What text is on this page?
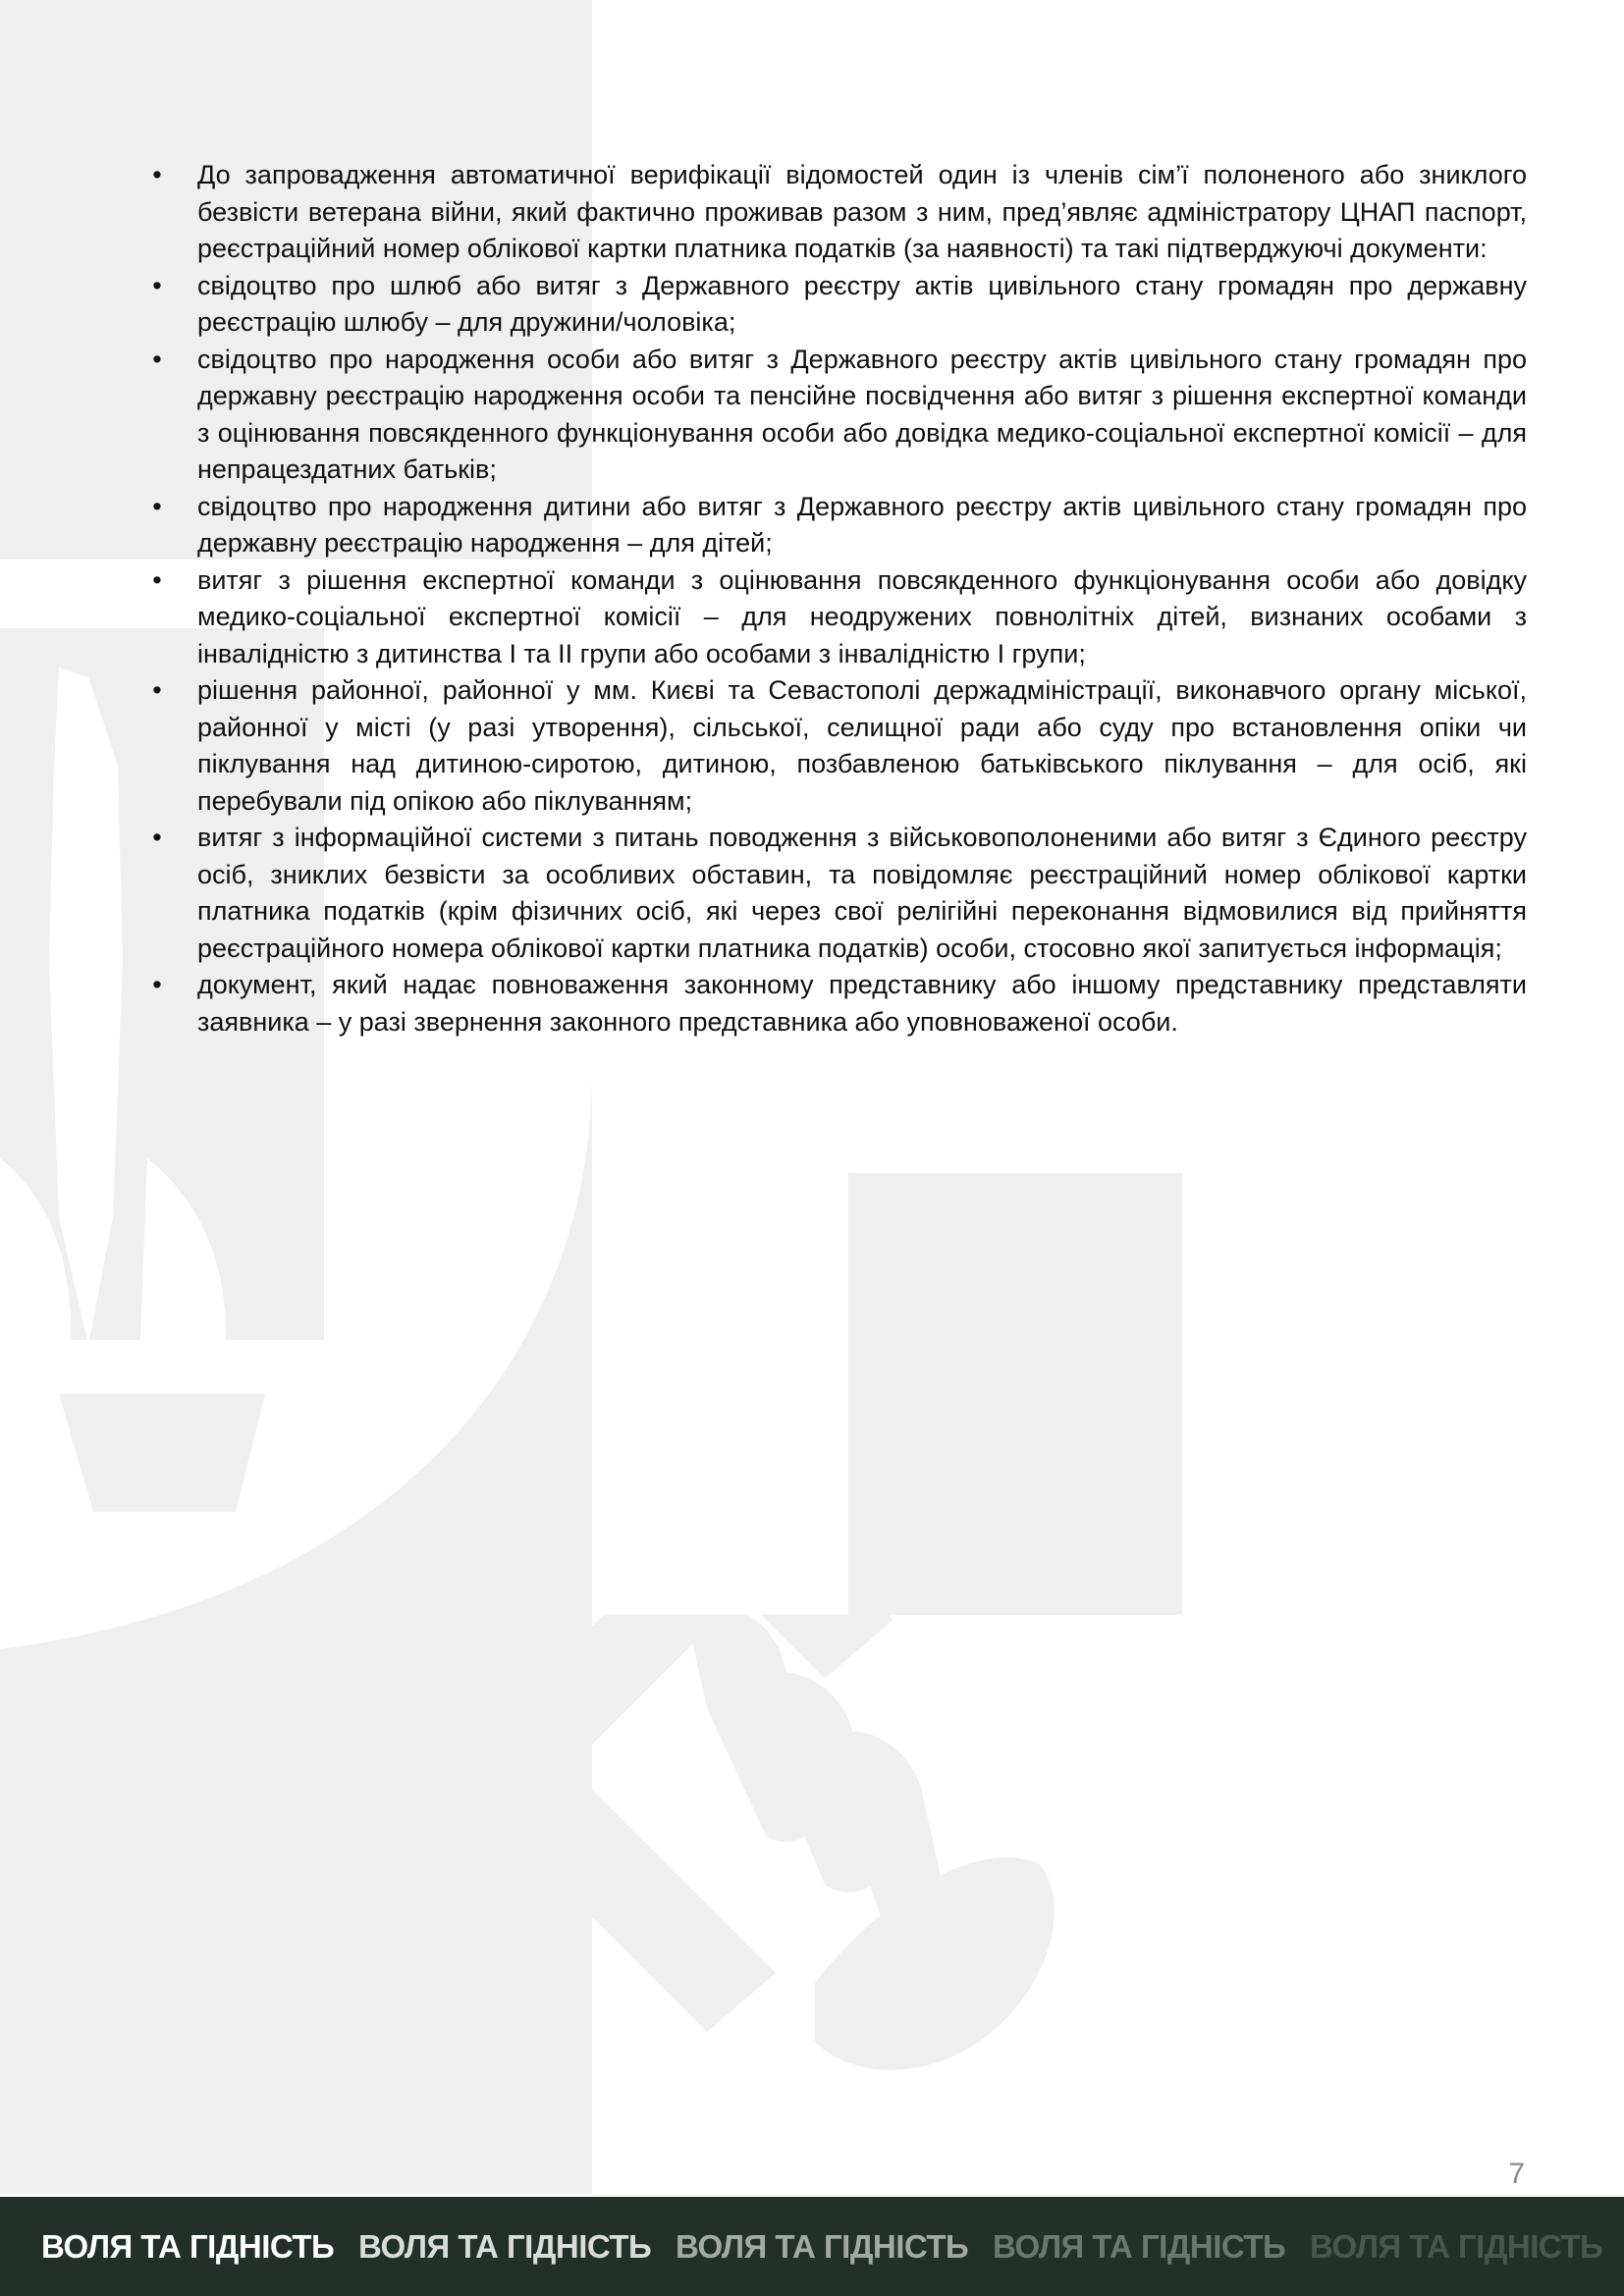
• До запровадження автоматичної верифікації відомостей один із членів сім’ї полоненого або зниклого безвісти ветерана війни, який фактично проживав разом з ним, пред’являє адміністратору ЦНАП паспорт, реєстраційний номер облікової картки платника податків (за наявності) та такі підтверджуючі документи:
• свідоцтво про шлюб або витяг з Державного реєстру актів цивільного стану громадян про державну реєстрацію шлюбу – для дружини/чоловіка;
• свідоцтво про народження особи або витяг з Державного реєстру актів цивільного стану громадян про державну реєстрацію народження особи та пенсійне посвідчення або витяг з рішення експертної команди з оцінювання повсякденного функціонування особи або довідка медико-соціальної експертної комісії – для непрацездатних батьків;
• свідоцтво про народження дитини або витяг з Державного реєстру актів цивільного стану громадян про державну реєстрацію народження – для дітей;
• витяг з рішення експертної команди з оцінювання повсякденного функціонування особи або довідку медико-соціальної експертної комісії – для неодружених повнолітніх дітей, визнаних особами з інвалідністю з дитинства I та II групи або особами з інвалідністю I групи;
• рішення районної, районної у мм. Києві та Севастополі держадміністрації, виконавчого органу міської, районної у місті (у разі утворення), сільської, селищної ради або суду про встановлення опіки чи піклування над дитиною-сиротою, дитиною, позбавленою батьківського піклування – для осіб, які перебували під опікою або піклуванням;
• витяг з інформаційної системи з питань поводження з військовополоненими або витяг з Єдиного реєстру осіб, зниклих безвісти за особливих обставин, та повідомляє реєстраційний номер облікової картки платника податків (крім фізичних осіб, які через свої релігійні переконання відмовилися від прийняття реєстраційного номера облікової картки платника податків) особи, стосовно якої запитується інформація;
• документ, який надає повноваження законному представнику або іншому представнику представляти заявника – у разі звернення законного представника або уповноваженої особи.
7
ВОЛЯ ТА ГІДНІСТЬ ВОЛЯ ТА ГІДНІСТЬ ВОЛЯ ТА ГІДНІСТЬ ВОЛЯ ТА ГІДНІСТЬ ВОЛЯ ТА ГІДНІСТЬ
